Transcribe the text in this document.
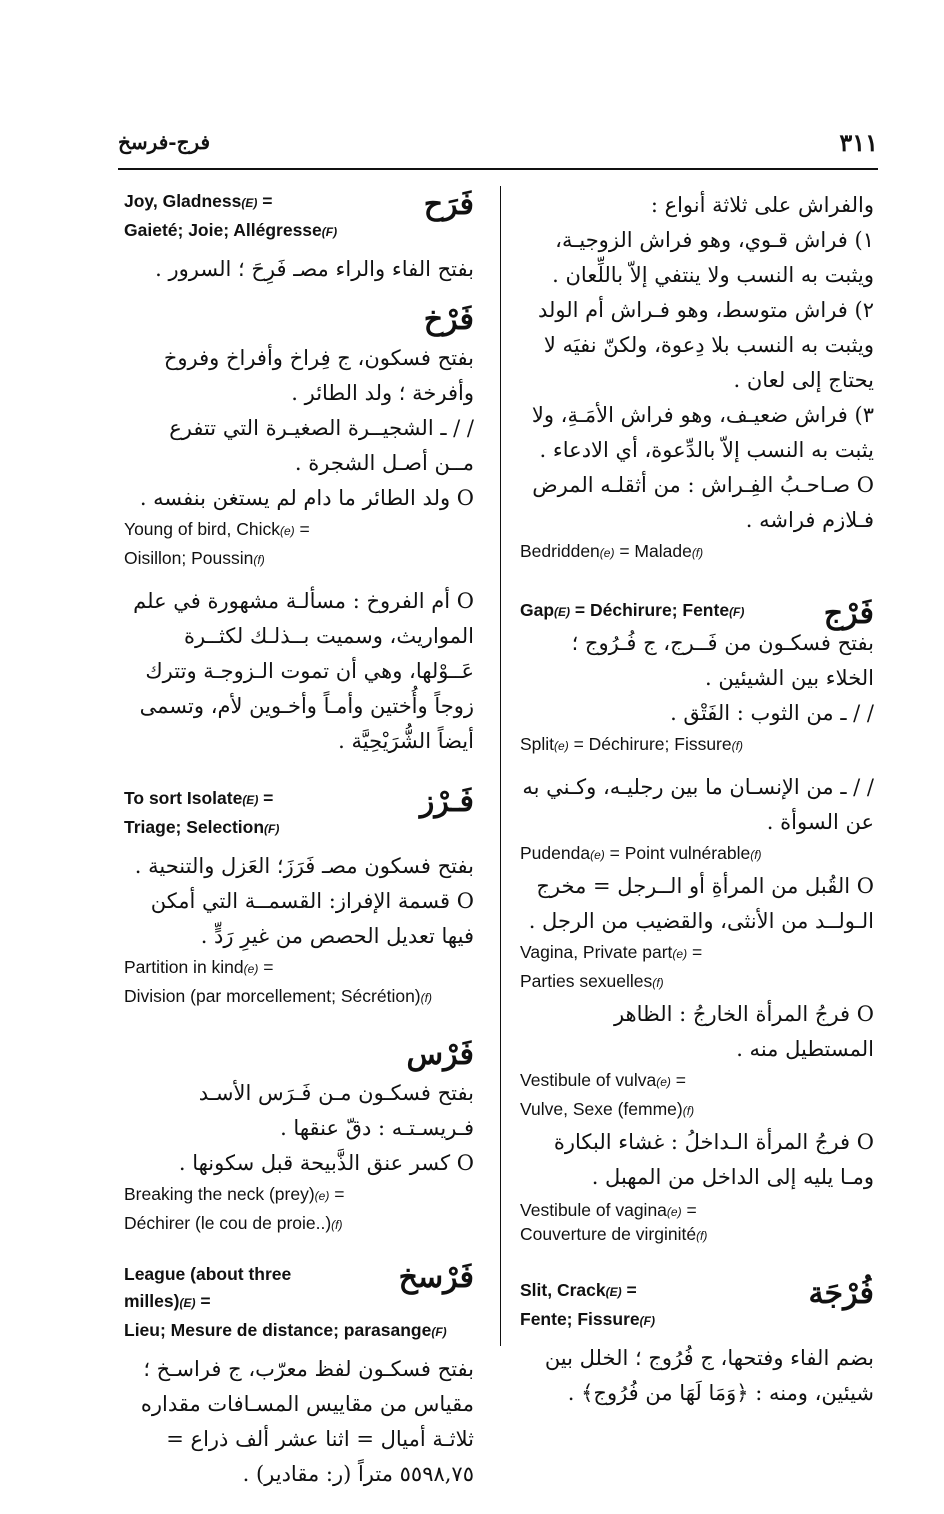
٣١١
فرج-فرسخ

والفراش على ثلاثة أنواع :

١) فراش قـوي، وهو فراش الزوجيـة، ويثبت به النسب ولا ينتفي إلاّ باللِّعان .

٢) فراش متوسط، وهو فـراش أم الولد ويثبت به النسب بلا دِعوة، ولكنّ نفيَه لا يحتاج إلى لعان .

٣) فراش ضعيـف، وهو فراش الأمَـةِ، ولا يثبت به النسب إلاّ بالدِّعوة، أي الادعاء .

O صـاحـبُ الفِـراش : من أثقلـه المرض فـلازم فراشه .

Bedridden(e) = Malade(f)

فَرْج

Gap(E) = Déchirure; Fente(F)

بفتح فسكـون من فَــرج، ج فُـرُوج ؛ الخلاء بين الشيئين .

/ / ـ من الثوب : الفَتْق .

Split(e) = Déchirure; Fissure(f)

/ / ـ من الإنسـان ما بين رجليـه، وكـني به عن السوأة .

Pudenda(e) = Point vulnérable(f)

O القُبل من المرأةِ أو الــرجل = مخرج الـولــد من الأنثى، والقضيب من الرجل .

Vagina, Private part(e) =

Parties sexuelles(f)

O فرجُ المرأة الخارجُ : الظاهر المستطيل منه .

Vestibule of vulva(e) =

Vulve, Sexe (femme)(f)

O فرجُ المرأة الـداخلُ : غشاء البكارة ومـا يليه إلى الداخل من المهبل .

Vestibule of vagina(e) =

Couverture de virginité(f)

فُرْجَة

Slit, Crack(E) =

Fente; Fissure(F)

بضم الفاء وفتحها، ج فُرُوج ؛ الخلل بين شيئين، ومنه : ﴿وَمَا لَهَا من فُرُوج﴾ .

فَرَح

Joy, Gladness(E) =

Gaieté; Joie; Allégresse(F)

بفتح الفاء والراء مصـ فَرِحَ ؛ السرور .

فَرْخ

بفتح فسكون، ج فِراخ وأفراخ وفروخ وأفرخة ؛ ولد الطائر .

/ / ـ الشجيــرة الصغيـرة التي تتفرع مــن أصـل الشجرة .

O ولد الطائر ما دام لم يستغن بنفسه .

Young of bird, Chick(e) =

Oisillon; Poussin(f)

O أم الفروخ : مسألـة مشهورة في علم المواريث، وسميت بــذلـك لكثــرة عَــوْلها، وهي أن تموت الـزوجـة وتترك زوجاً وأُختين وأمـاً وأخـوين لأم، وتسمى أيضاً الشُّرَيْحِيَّة .

فَـرْز

To sort Isolate(E) =

Triage; Selection(F)

بفتح فسكون مصـ فَرَزَ؛ العَزل والتنحية .

O قسمة الإفراز: القسمــة التي أمكن فيها تعديل الحصص من غيرِ رَدٍّ .

Partition in kind(e) =

Division (par morcellement; Sécrétion)(f)

فَرْس

بفتح فسكـون مـن فَـرَس الأسـد فـريسـتـه : دقّ عنقها .

O كسر عنق الذَّبيحة قبل سكونها .

Breaking the neck (prey)(e) =

Déchirer (le cou de proie..)(f)

فَرْسخ

League (about three milles)(E) =

Lieu; Mesure de distance; parasange(F)

بفتح فسكـون لفظ معرّب، ج فراسـخ ؛ مقياس من مقاييس المسـافات مقداره ثلاثـة أميال = اثنا عشر ألف ذراع = ٥٥٩٨,٧٥ متراً (ر: مقادير) .
